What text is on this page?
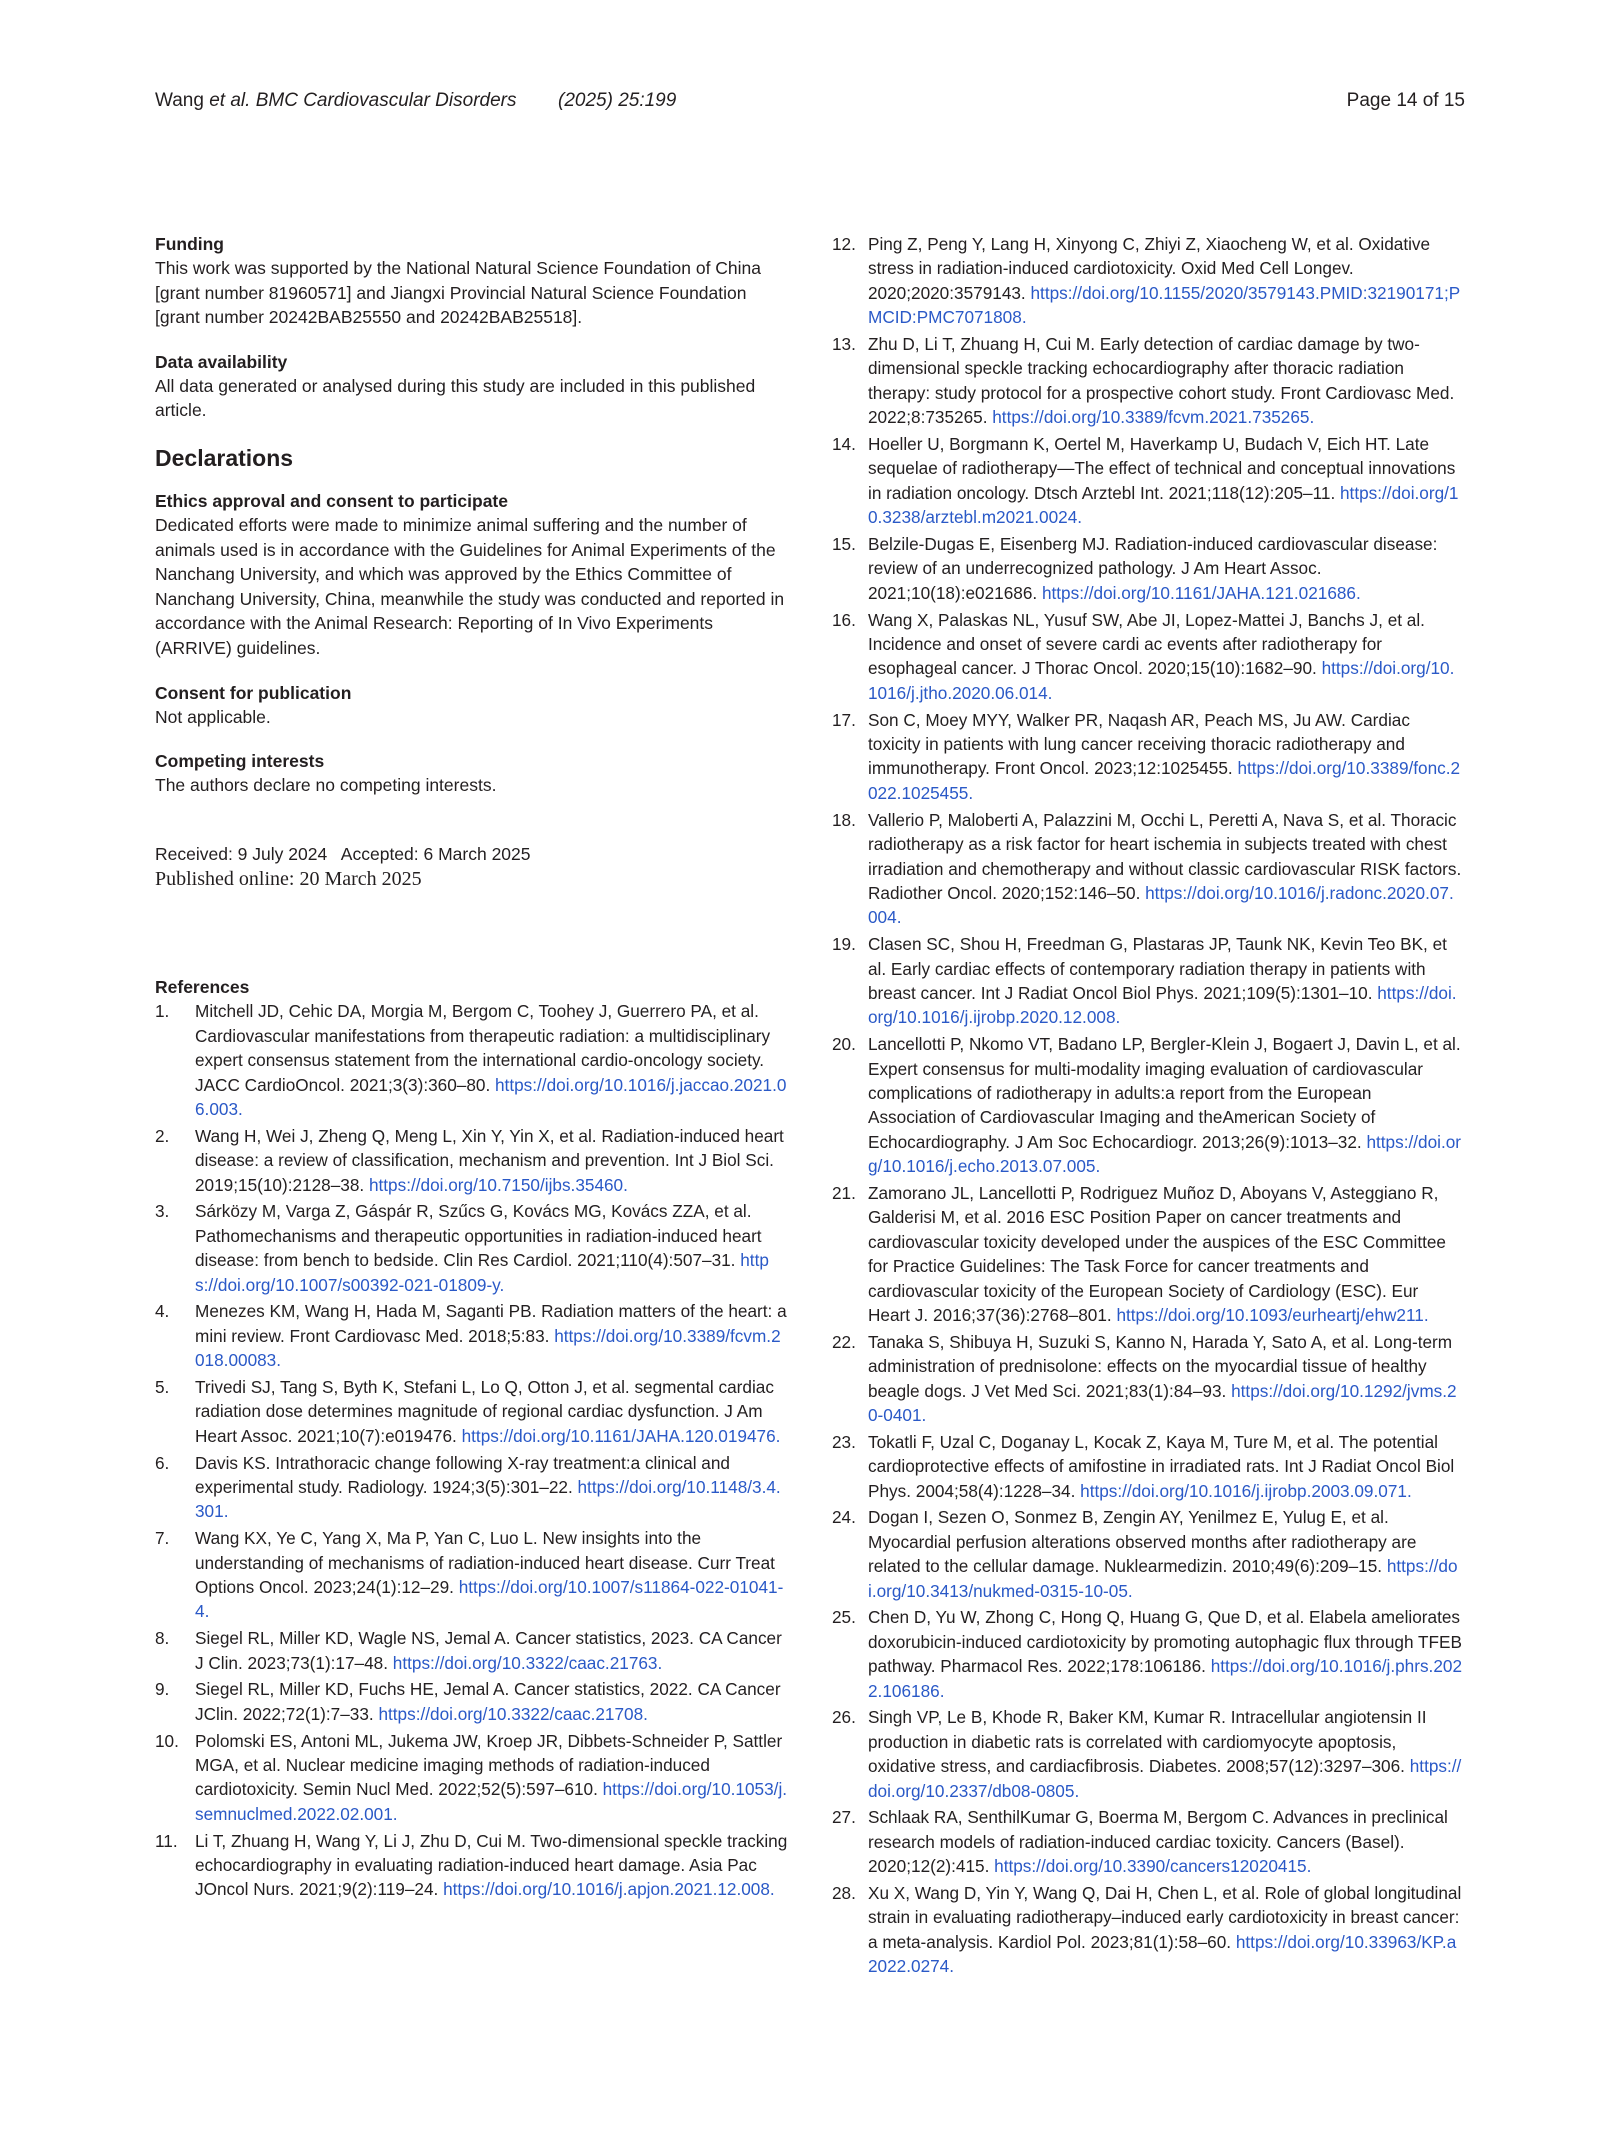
Wang et al. BMC Cardiovascular Disorders (2025) 25:199	Page 14 of 15

Funding

This work was supported by the National Natural Science Foundation of China [grant number 81960571] and Jiangxi Provincial Natural Science Foundation [grant number 20242BAB25550 and 20242BAB25518].

Data availability

All data generated or analysed during this study are included in this published article.

Declarations

Ethics approval and consent to participate

Dedicated efforts were made to minimize animal suffering and the number of animals used is in accordance with the Guidelines for Animal Experiments of the Nanchang University, and which was approved by the Ethics Committee of Nanchang University, China, meanwhile the study was conducted and reported in accordance with the Animal Research: Reporting of In Vivo Experiments (ARRIVE) guidelines.

Consent for publication

Not applicable.

Competing interests

The authors declare no competing interests.

Received: 9 July 2024   Accepted: 6 March 2025
Published online: 20 March 2025

References

1. Mitchell JD, Cehic DA, Morgia M, Bergom C, Toohey J, Guerrero PA, et al. Cardiovascular manifestations from therapeutic radiation: a multidisciplinary expert consensus statement from the international cardio-oncology society. JACC CardioOncol. 2021;3(3):360–80. https://doi.org/10.1016/j.jaccao.2021.06.003.
2. Wang H, Wei J, Zheng Q, Meng L, Xin Y, Yin X, et al. Radiation-induced heart disease: a review of classification, mechanism and prevention. Int J Biol Sci. 2019;15(10):2128–38. https://doi.org/10.7150/ijbs.35460.
3. Sárközy M, Varga Z, Gáspár R, Szűcs G, Kovács MG, Kovács ZZA, et al. Pathomechanisms and therapeutic opportunities in radiation-induced heart disease: from bench to bedside. Clin Res Cardiol. 2021;110(4):507–31. https://doi.org/10.1007/s00392-021-01809-y.
4. Menezes KM, Wang H, Hada M, Saganti PB. Radiation matters of the heart: a mini review. Front Cardiovasc Med. 2018;5:83. https://doi.org/10.3389/fcvm.2018.00083.
5. Trivedi SJ, Tang S, Byth K, Stefani L, Lo Q, Otton J, et al. segmental cardiac radiation dose determines magnitude of regional cardiac dysfunction. J Am Heart Assoc. 2021;10(7):e019476. https://doi.org/10.1161/JAHA.120.019476.
6. Davis KS. Intrathoracic change following X-ray treatment:a clinical and experimental study. Radiology. 1924;3(5):301–22. https://doi.org/10.1148/3.4.301.
7. Wang KX, Ye C, Yang X, Ma P, Yan C, Luo L. New insights into the understanding of mechanisms of radiation-induced heart disease. Curr Treat Options Oncol. 2023;24(1):12–29. https://doi.org/10.1007/s11864-022-01041-4.
8. Siegel RL, Miller KD, Wagle NS, Jemal A. Cancer statistics, 2023. CA Cancer J Clin. 2023;73(1):17–48. https://doi.org/10.3322/caac.21763.
9. Siegel RL, Miller KD, Fuchs HE, Jemal A. Cancer statistics, 2022. CA Cancer JClin. 2022;72(1):7–33. https://doi.org/10.3322/caac.21708.
10. Polomski ES, Antoni ML, Jukema JW, Kroep JR, Dibbets-Schneider P, Sattler MGA, et al. Nuclear medicine imaging methods of radiation-induced cardiotoxicity. Semin Nucl Med. 2022;52(5):597–610. https://doi.org/10.1053/j.semnuclmed.2022.02.001.
11. Li T, Zhuang H, Wang Y, Li J, Zhu D, Cui M. Two-dimensional speckle tracking echocardiography in evaluating radiation-induced heart damage. Asia Pac JOncol Nurs. 2021;9(2):119–24. https://doi.org/10.1016/j.apjon.2021.12.008.
12. Ping Z, Peng Y, Lang H, Xinyong C, Zhiyi Z, Xiaocheng W, et al. Oxidative stress in radiation-induced cardiotoxicity. Oxid Med Cell Longev. 2020;2020:3579143. https://doi.org/10.1155/2020/3579143.PMID:32190171;PMCID:PMC7071808.
13. Zhu D, Li T, Zhuang H, Cui M. Early detection of cardiac damage by two-dimensional speckle tracking echocardiography after thoracic radiation therapy: study protocol for a prospective cohort study. Front Cardiovasc Med. 2022;8:735265. https://doi.org/10.3389/fcvm.2021.735265.
14. Hoeller U, Borgmann K, Oertel M, Haverkamp U, Budach V, Eich HT. Late sequelae of radiotherapy—The effect of technical and conceptual innovations in radiation oncology. Dtsch Arztebl Int. 2021;118(12):205–11. https://doi.org/10.3238/arztebl.m2021.0024.
15. Belzile-Dugas E, Eisenberg MJ. Radiation-induced cardiovascular disease: review of an underrecognized pathology. J Am Heart Assoc. 2021;10(18):e021686. https://doi.org/10.1161/JAHA.121.021686.
16. Wang X, Palaskas NL, Yusuf SW, Abe JI, Lopez-Mattei J, Banchs J, et al. Incidence and onset of severe cardi ac events after radiotherapy for esophageal cancer. J Thorac Oncol. 2020;15(10):1682–90. https://doi.org/10.1016/j.jtho.2020.06.014.
17. Son C, Moey MYY, Walker PR, Naqash AR, Peach MS, Ju AW. Cardiac toxicity in patients with lung cancer receiving thoracic radiotherapy and immunotherapy. Front Oncol. 2023;12:1025455. https://doi.org/10.3389/fonc.2022.1025455.
18. Vallerio P, Maloberti A, Palazzini M, Occhi L, Peretti A, Nava S, et al. Thoracic radiotherapy as a risk factor for heart ischemia in subjects treated with chest irradiation and chemotherapy and without classic cardiovascular RISK factors. Radiother Oncol. 2020;152:146–50. https://doi.org/10.1016/j.radonc.2020.07.004.
19. Clasen SC, Shou H, Freedman G, Plastaras JP, Taunk NK, Kevin Teo BK, et al. Early cardiac effects of contemporary radiation therapy in patients with breast cancer. Int J Radiat Oncol Biol Phys. 2021;109(5):1301–10. https://doi.org/10.1016/j.ijrobp.2020.12.008.
20. Lancellotti P, Nkomo VT, Badano LP, Bergler-Klein J, Bogaert J, Davin L, et al. Expert consensus for multi-modality imaging evaluation of cardiovascular complications of radiotherapy in adults:a report from the European Association of Cardiovascular Imaging and theAmerican Society of Echocardiography. J Am Soc Echocardiogr. 2013;26(9):1013–32. https://doi.org/10.1016/j.echo.2013.07.005.
21. Zamorano JL, Lancellotti P, Rodriguez Muñoz D, Aboyans V, Asteggiano R, Galderisi M, et al. 2016 ESC Position Paper on cancer treatments and cardiovascular toxicity developed under the auspices of the ESC Committee for Practice Guidelines: The Task Force for cancer treatments and cardiovascular toxicity of the European Society of Cardiology (ESC). Eur Heart J. 2016;37(36):2768–801. https://doi.org/10.1093/eurheartj/ehw211.
22. Tanaka S, Shibuya H, Suzuki S, Kanno N, Harada Y, Sato A, et al. Long-term administration of prednisolone: effects on the myocardial tissue of healthy beagle dogs. J Vet Med Sci. 2021;83(1):84–93. https://doi.org/10.1292/jvms.20-0401.
23. Tokatli F, Uzal C, Doganay L, Kocak Z, Kaya M, Ture M, et al. The potential cardioprotective effects of amifostine in irradiated rats. Int J Radiat Oncol Biol Phys. 2004;58(4):1228–34. https://doi.org/10.1016/j.ijrobp.2003.09.071.
24. Dogan I, Sezen O, Sonmez B, Zengin AY, Yenilmez E, Yulug E, et al. Myocardial perfusion alterations observed months after radiotherapy are related to the cellular damage. Nuklearmedizin. 2010;49(6):209–15. https://doi.org/10.3413/nukmed-0315-10-05.
25. Chen D, Yu W, Zhong C, Hong Q, Huang G, Que D, et al. Elabela ameliorates doxorubicin-induced cardiotoxicity by promoting autophagic flux through TFEB pathway. Pharmacol Res. 2022;178:106186. https://doi.org/10.1016/j.phrs.2022.106186.
26. Singh VP, Le B, Khode R, Baker KM, Kumar R. Intracellular angiotensin II production in diabetic rats is correlated with cardiomyocyte apoptosis, oxidative stress, and cardiacfibrosis. Diabetes. 2008;57(12):3297–306. https://doi.org/10.2337/db08-0805.
27. Schlaak RA, SenthilKumar G, Boerma M, Bergom C. Advances in preclinical research models of radiation-induced cardiac toxicity. Cancers (Basel). 2020;12(2):415. https://doi.org/10.3390/cancers12020415.
28. Xu X, Wang D, Yin Y, Wang Q, Dai H, Chen L, et al. Role of global longitudinal strain in evaluating radiotherapy–induced early cardiotoxicity in breast cancer: a meta-analysis. Kardiol Pol. 2023;81(1):58–60. https://doi.org/10.33963/KP.a2022.0274.
